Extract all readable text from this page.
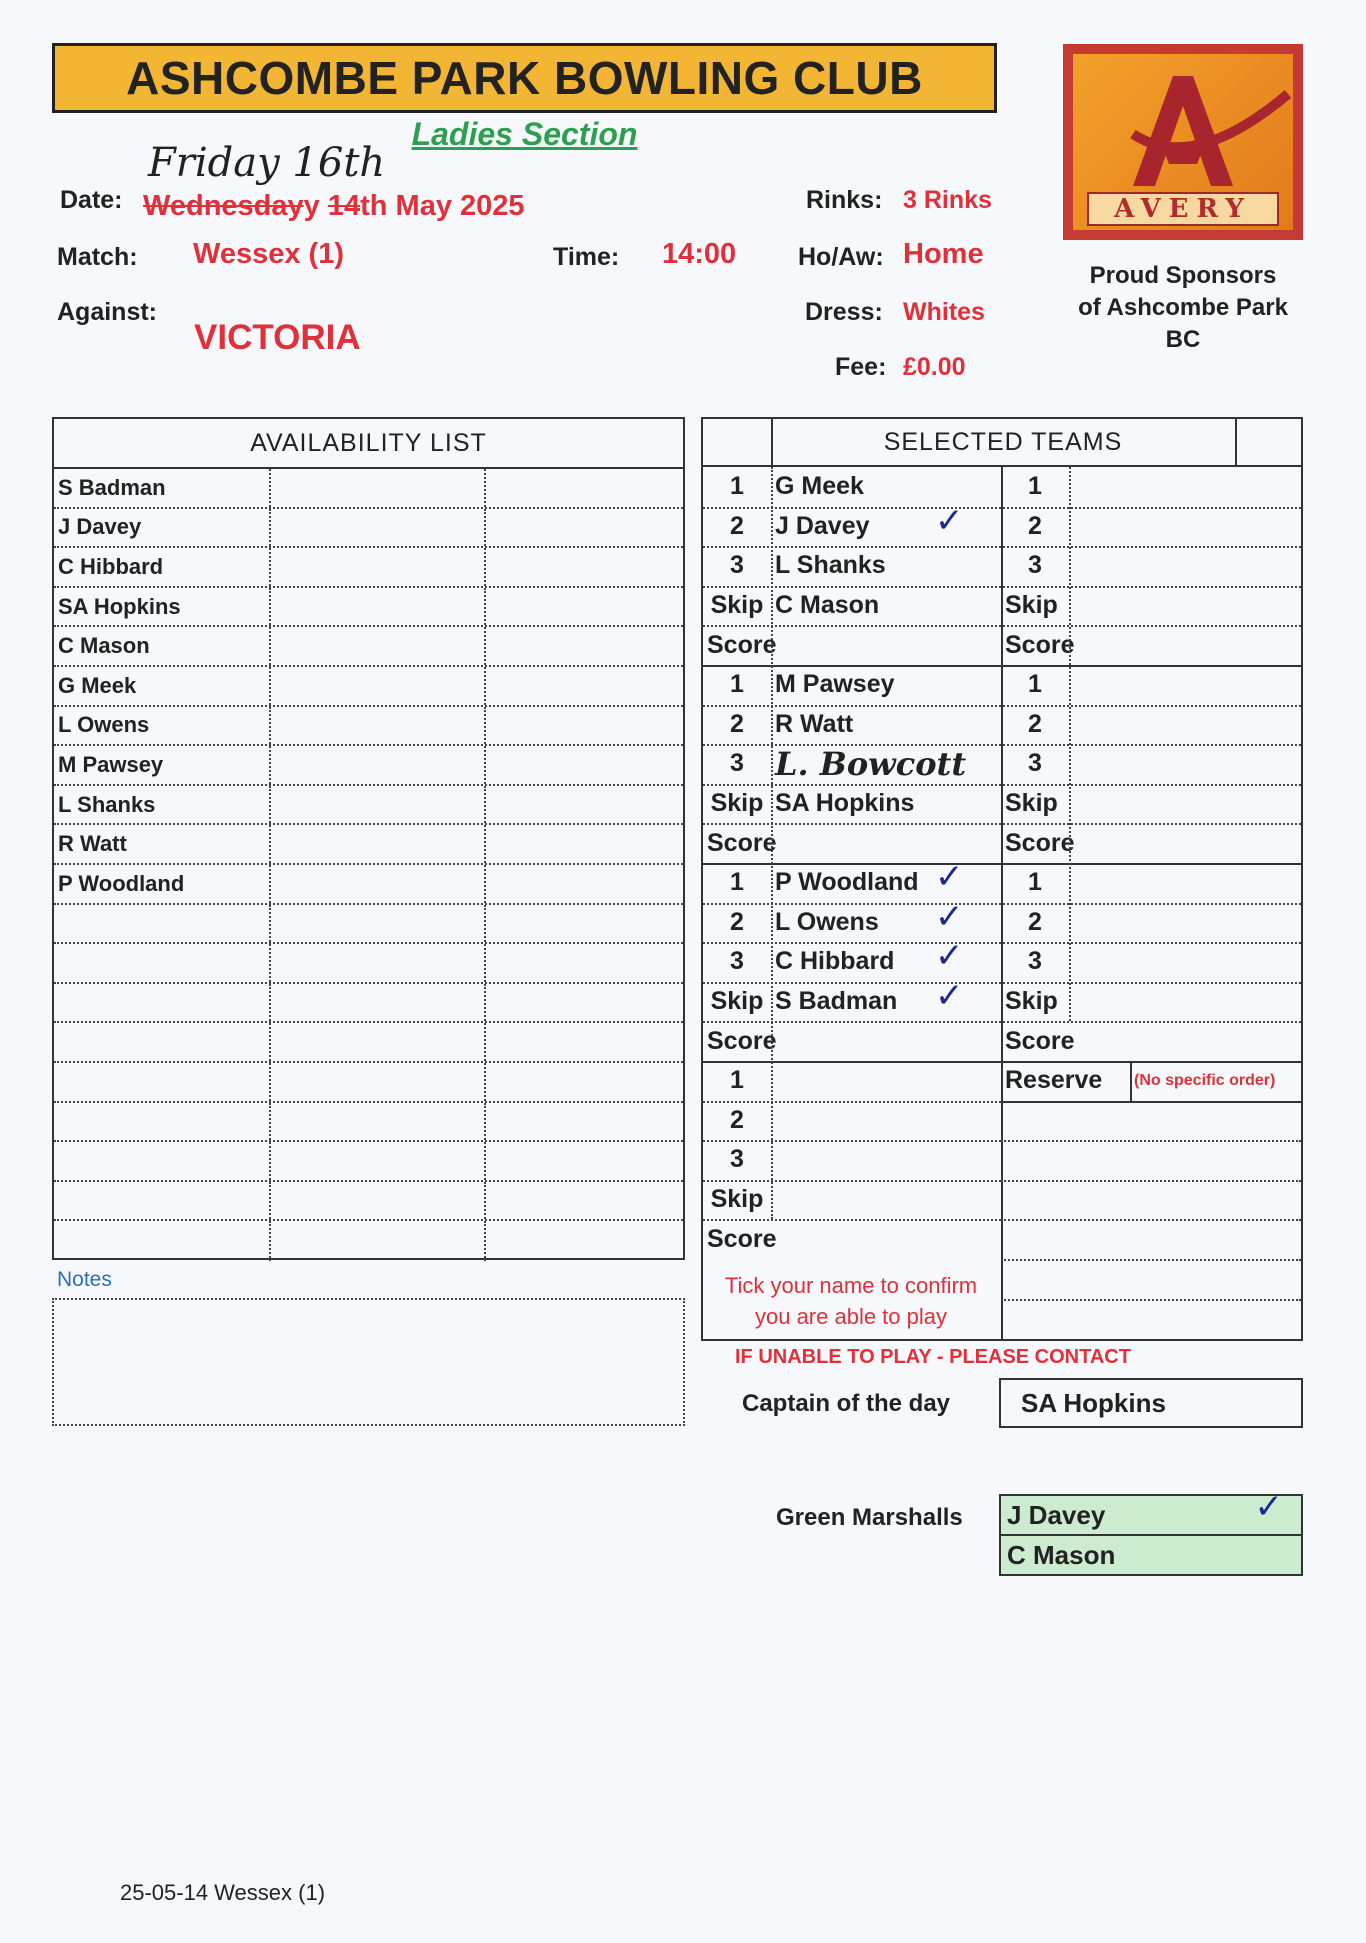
ASHCOMBE PARK BOWLING CLUB
Ladies Section
Date:
Friday 16th
Wednesdayy 14th May 2025
Match: Wessex (1)	Time: 14:00
Against:
VICTORIA
Rinks: 3 Rinks
Ho/Aw: Home
Dress: Whites
Fee: £0.00
AVERY
Proud Sponsors
of Ashcombe Park
BC
AVAILABILITY LIST
S Badman
J Davey
C Hibbard
SA Hopkins
C Mason
G Meek
L Owens
M Pawsey
L Shanks
R Watt
P Woodland
SELECTED TEAMS
1	G Meek	1
2	J Davey	✓	2
3	L Shanks	3
Skip C Mason	Skip
Score	Score
1	M Pawsey	1
2	R Watt	2
3 L. Bowcott	3
Skip SA Hopkins	Skip
Score	Score
1	P Woodland ✓	1
2	L Owens	✓	2
3	C Hibbard	✓	3
Skip S Badman	✓ Skip
Score	Score
1
2
3
Skip
Score
Reserve	(No specific order)
Notes	Tick your name to confirm
you are able to play
IF UNABLE TO PLAY - PLEASE CONTACT
Captain of the day	SA Hopkins
Green Marshalls	J Davey	✓
C Mason
25-05-14 Wessex (1)
